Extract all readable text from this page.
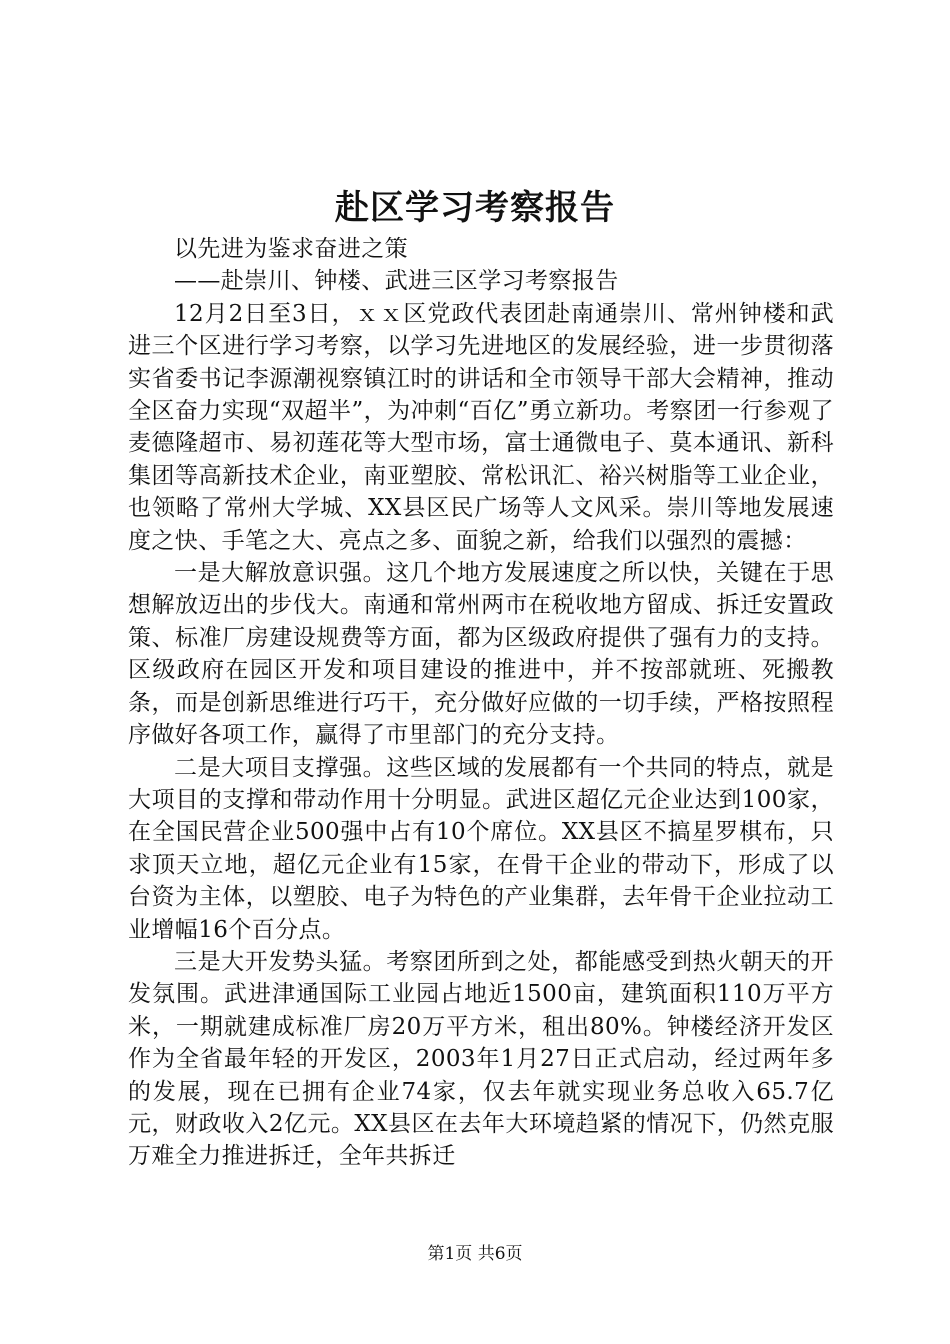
赴区学习考察报告

以先进为鉴求奋进之策

——赴崇川、钟楼、武进三区学习考察报告

12月2日至3日，ｘｘ区党政代表团赴南通崇川、常州钟楼和武进三个区进行学习考察，以学习先进地区的发展经验，进一步贯彻落实省委书记李源潮视察镇江时的讲话和全市领导干部大会精神，推动全区奋力实现“双超半”，为冲刺“百亿”勇立新功。考察团一行参观了麦德隆超市、易初莲花等大型市场，富士通微电子、莫本通讯、新科集团等高新技术企业，南亚塑胶、常松讯汇、裕兴树脂等工业企业，也领略了常州大学城、XX县区民广场等人文风采。崇川等地发展速度之快、手笔之大、亮点之多、面貌之新，给我们以强烈的震撼：

一是大解放意识强。这几个地方发展速度之所以快，关键在于思想解放迈出的步伐大。南通和常州两市在税收地方留成、拆迁安置政策、标准厂房建设规费等方面，都为区级政府提供了强有力的支持。区级政府在园区开发和项目建设的推进中，并不按部就班、死搬教条，而是创新思维进行巧干，充分做好应做的一切手续，严格按照程序做好各项工作，赢得了市里部门的充分支持。

二是大项目支撑强。这些区域的发展都有一个共同的特点，就是大项目的支撑和带动作用十分明显。武进区超亿元企业达到100家，在全国民营企业500强中占有10个席位。XX县区不搞星罗棋布，只求顶天立地，超亿元企业有15家，在骨干企业的带动下，形成了以台资为主体，以塑胶、电子为特色的产业集群，去年骨干企业拉动工业增幅16个百分点。

三是大开发势头猛。考察团所到之处，都能感受到热火朝天的开发氛围。武进津通国际工业园占地近1500亩，建筑面积110万平方米，一期就建成标准厂房20万平方米，租出80%。钟楼经济开发区作为全省最年轻的开发区，2003年1月27日正式启动，经过两年多的发展，现在已拥有企业74家，仅去年就实现业务总收入65.7亿元，财政收入2亿元。XX县区在去年大环境趋紧的情况下，仍然克服万难全力推进拆迁，全年共拆迁

第1页 共6页
